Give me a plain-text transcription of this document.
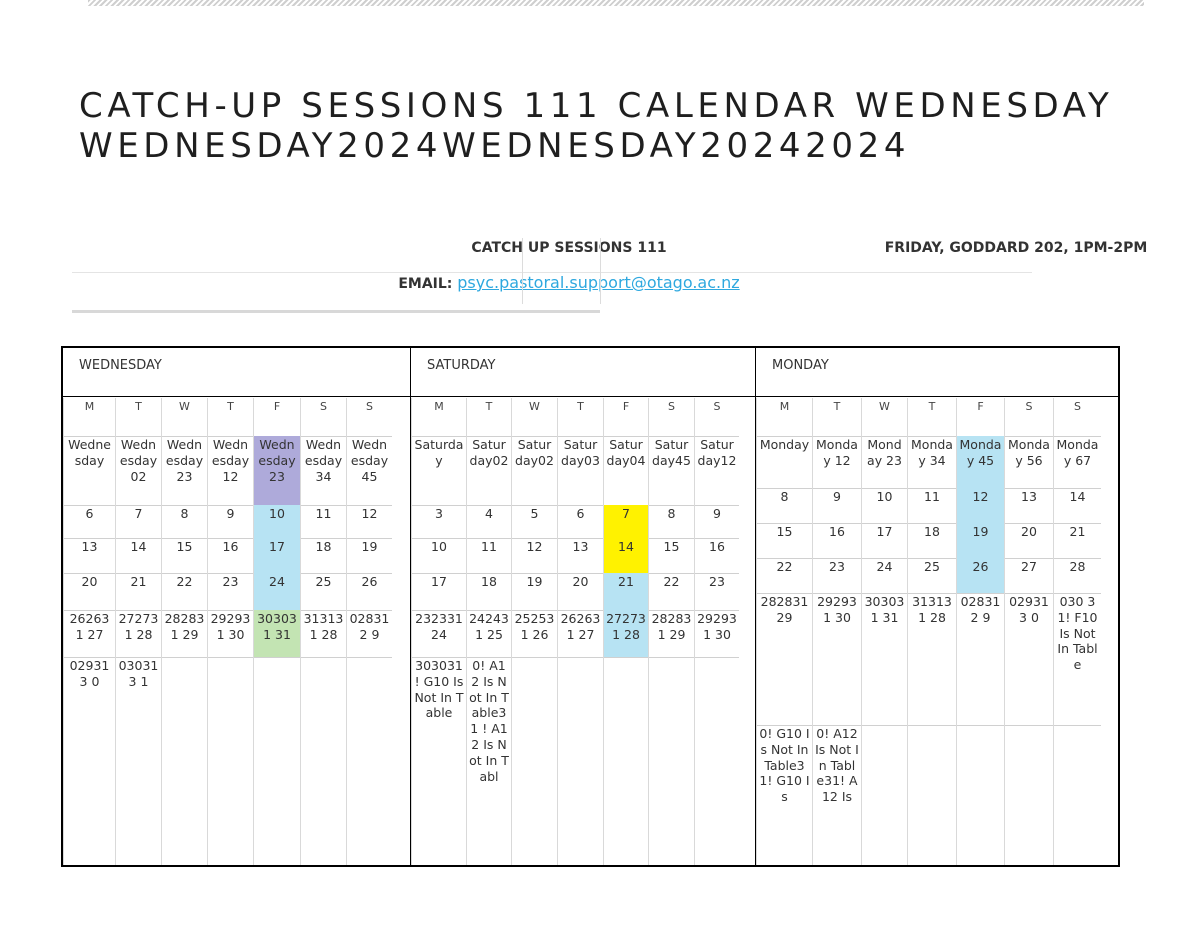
CATCH-UP SESSIONS 111 CALENDAR WEDNESDAYWEDNESDAY2024WEDNESDAY20242024
CATCH UP SESSIONS 111	FRIDAY, GODDARD 202, 1PM-2PM
EMAIL: psyc.pastoral.support@otago.ac.nz
WEDNESDAY
M
Wednesday
6
13
20
262631 27
029313 0
T
Wednesday02
7
14
21
272731 28
030313 1
W
Wednesday23
8
15
22
282831 29
T
Wednesday12
9
16
23
292931 30
F
Wednesday23
10
17
24
303031 31
S
Wednesday34
11
18
25
313131 28
S
Wednesday45
12
19
26
028312 9
SATURDAY
M
Saturday
3
10
17
232331 24
303031 ! G10 Is Not In Table
T
Saturday02
4
11
18
242431 25
0! A12 Is Not In Table31 ! A12 Is Not In Tabl
W
Saturday02
5
12
19
252531 26
T
Saturday03
6
13
20
262631 27
F
Saturday04
7
14
21
272731 28
S
Saturday45
8
15
22
282831 29
S
Saturday12
9
16
23
292931 30
MONDAY
M
Monday
8
15
22
282831 29
0! G10 Is Not In Table31! G10 Is
T
Monday 12
9
16
23
292931 30
0! A12 Is Not In Table31! A12 Is
W
Monday 23
10
17
24
303031 31
T
Monday 34
11
18
25
313131 28
F
Monday 45
12
19
26
028312 9
S
Monday 56
13
20
27
029313 0
S
Monday 67
14
21
28
030 31! F10 Is Not In Table
